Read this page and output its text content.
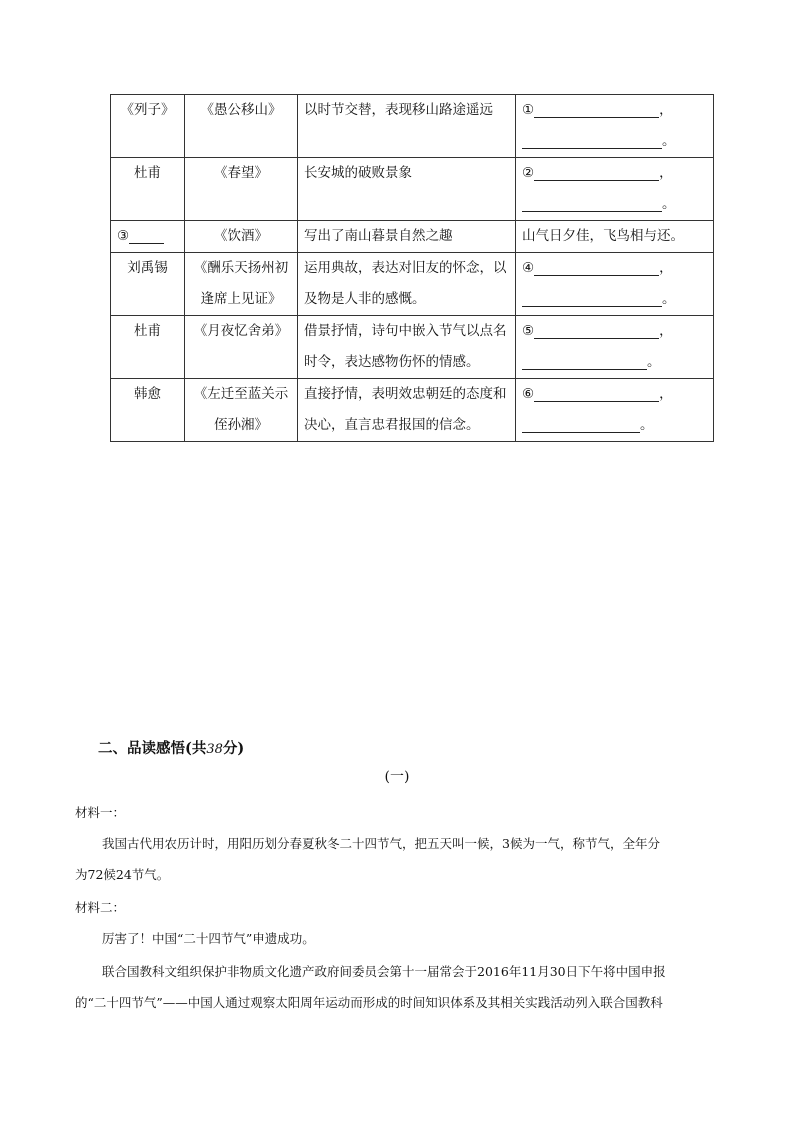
《列子》	《愚公移山》	以时节交替，表现移山路途遥远	① ，
。
杜甫	《春望》	长安城的破败景象	② ，
。
③	《饮酒》	写出了南山暮景自然之趣	山气日夕佳，飞鸟相与还。
刘禹锡	《酬乐天扬州初逢席上见证》	运用典故，表达对旧友的怀念，以及物是人非的感慨。	④ ，
。
杜甫	《月夜忆舍弟》	借景抒情，诗句中嵌入节气以点名时令，表达感物伤怀的情感。	⑤ ，
。
韩愈	《左迁至蓝关示侄孙湘》	直接抒情，表明效忠朝廷的态度和决心，直言忠君报国的信念。	⑥ ，
。
二、品读感悟(共38分)
(一)
材料一：
我国古代用农历计时，用阳历划分春夏秋冬二十四节气，把五天叫一候，3候为一气，称节气，全年分
为72候24节气。
材料二：
厉害了！中国“二十四节气”申遗成功。
联合国教科文组织保护非物质文化遗产政府间委员会第十一届常会于2016年11月30日下午将中国申报
的“二十四节气”——中国人通过观察太阳周年运动而形成的时间知识体系及其相关实践活动列入联合国教科
